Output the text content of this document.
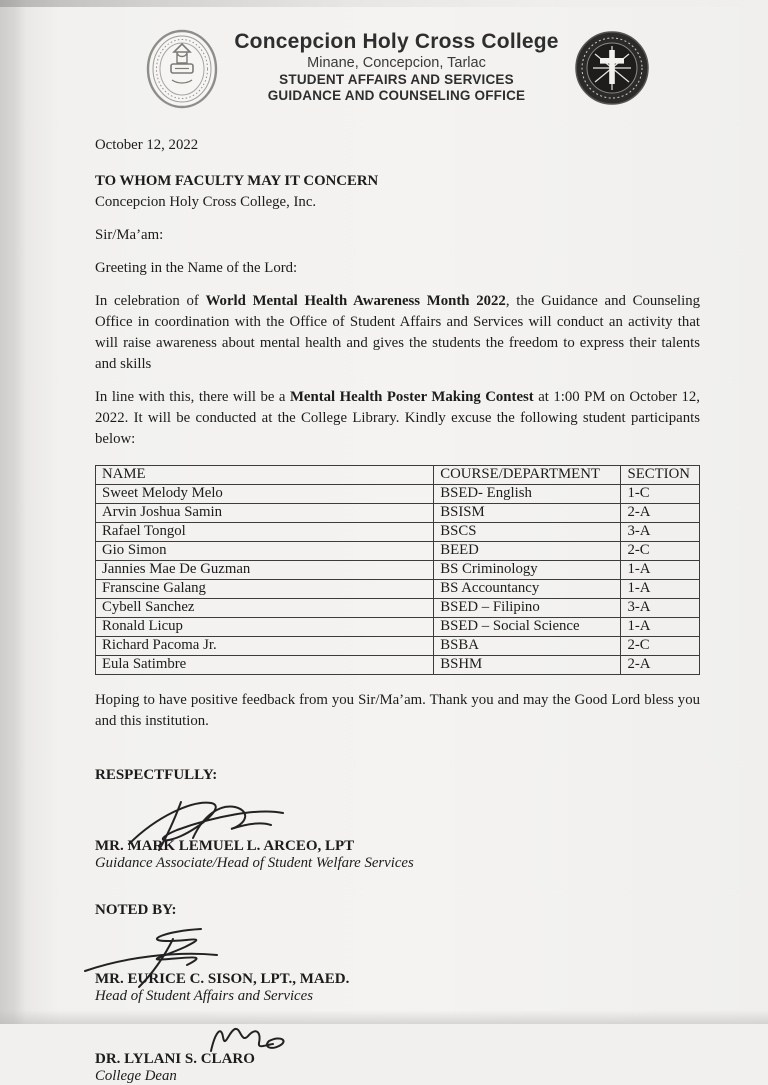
Concepcion Holy Cross College
Minane, Concepcion, Tarlac
STUDENT AFFAIRS AND SERVICES
GUIDANCE AND COUNSELING OFFICE
October 12, 2022
TO WHOM FACULTY MAY IT CONCERN
Concepcion Holy Cross College, Inc.
Sir/Ma’am:
Greeting in the Name of the Lord:

In celebration of World Mental Health Awareness Month 2022, the Guidance and Counseling Office in coordination with the Office of Student Affairs and Services will conduct an activity that will raise awareness about mental health and gives the students the freedom to express their talents and skills

In line with this, there will be a Mental Health Poster Making Contest at 1:00 PM on October 12, 2022. It will be conducted at the College Library. Kindly excuse the following student participants below:

NAME	COURSE/DEPARTMENT	SECTION
Sweet Melody Melo	BSED- English	1-C
Arvin Joshua Samin	BSISM	2-A
Rafael Tongol	BSCS	3-A
Gio Simon	BEED	2-C
Jannies Mae De Guzman	BS Criminology	1-A
Franscine Galang	BS Accountancy	1-A
Cybell Sanchez	BSED – Filipino	3-A
Ronald Licup	BSED – Social Science	1-A
Richard Pacoma Jr.	BSBA	2-C
Eula Satimbre	BSHM	2-A

Hoping to have positive feedback from you Sir/Ma’am. Thank you and may the Good Lord bless you and this institution.

RESPECTFULLY:
MR. MARK LEMUEL L. ARCEO, LPT
Guidance Associate/Head of Student Welfare Services
NOTED BY:
MR. EURICE C. SISON, LPT., MAED.
Head of Student Affairs and Services
DR. LYLANI S. CLARO
College Dean
